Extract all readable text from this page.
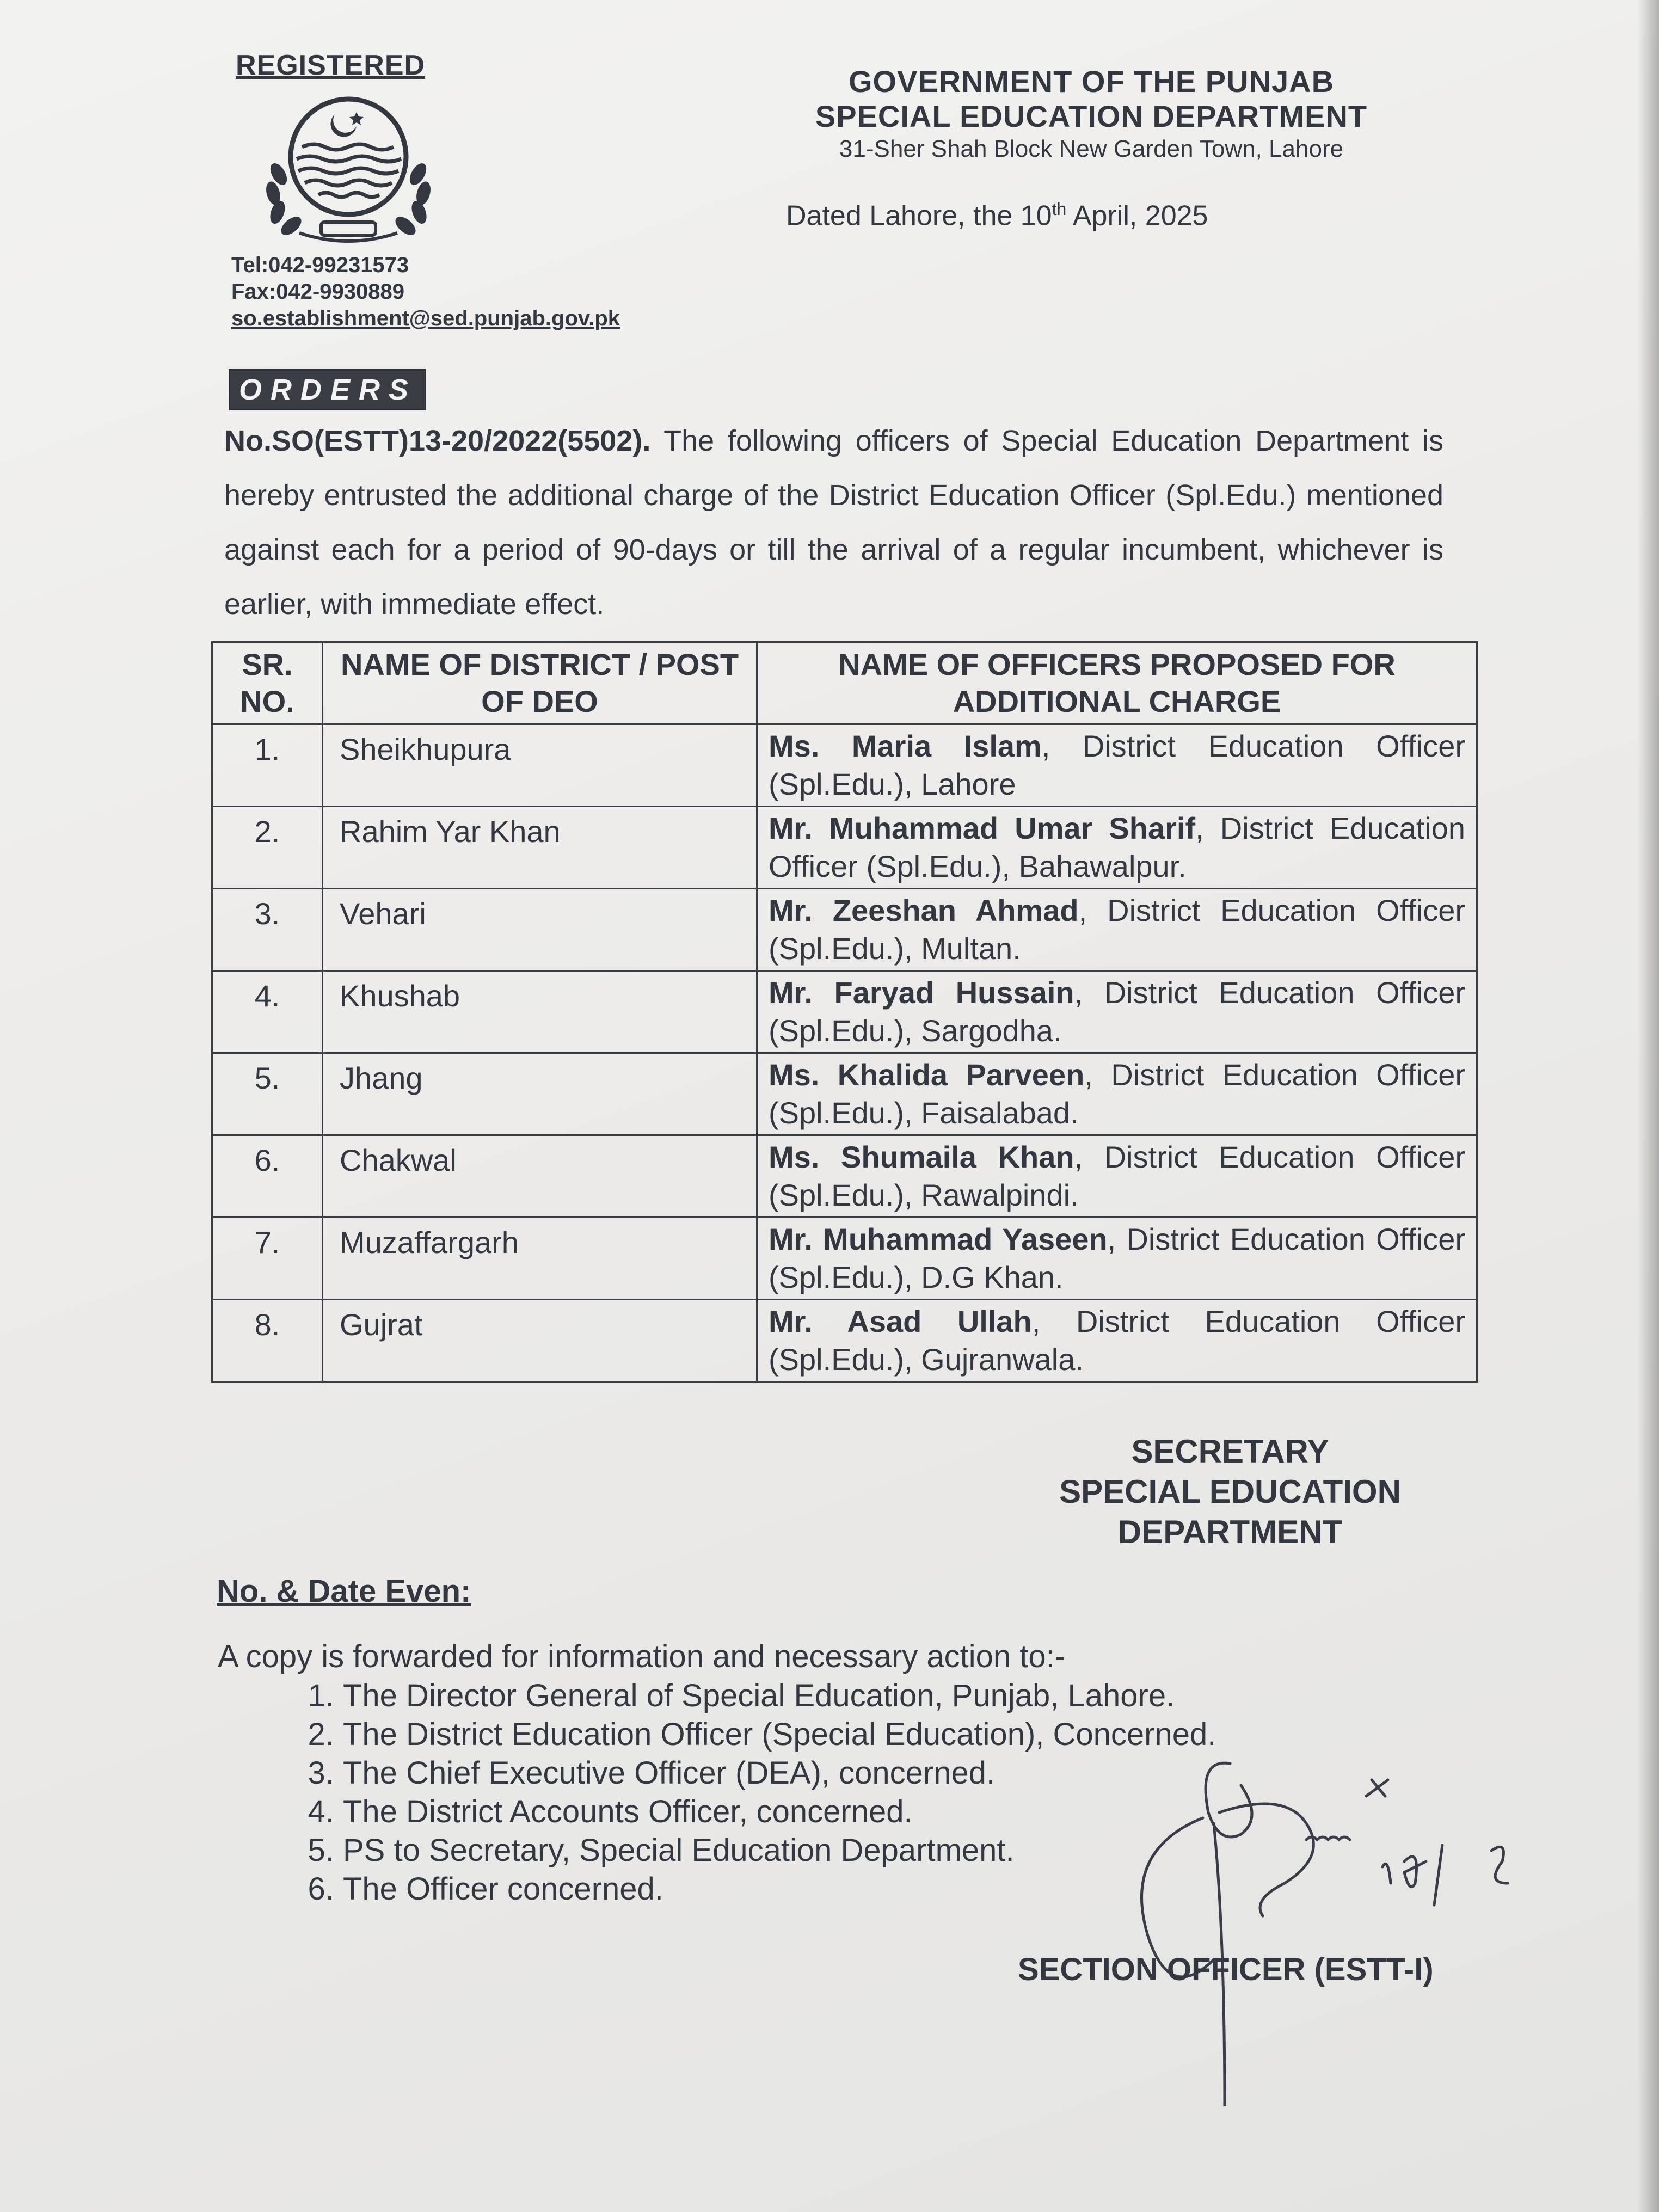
REGISTERED
Tel:042-99231573
Fax:042-9930889
so.establishment@sed.punjab.gov.pk
GOVERNMENT OF THE PUNJAB
SPECIAL EDUCATION DEPARTMENT
31-Sher Shah Block New Garden Town, Lahore
Dated Lahore, the 10th April, 2025
ORDERS
No.SO(ESTT)13-20/2022(5502). The following officers of Special Education Department is hereby entrusted the additional charge of the District Education Officer (Spl.Edu.) mentioned against each for a period of 90-days or till the arrival of a regular incumbent, whichever is earlier, with immediate effect.
SR. NO.	NAME OF DISTRICT / POST OF DEO	NAME OF OFFICERS PROPOSED FOR ADDITIONAL CHARGE
1.	Sheikhupura	Ms. Maria Islam, District Education Officer (Spl.Edu.), Lahore
2.	Rahim Yar Khan	Mr. Muhammad Umar Sharif, District Education Officer (Spl.Edu.), Bahawalpur.
3.	Vehari	Mr. Zeeshan Ahmad, District Education Officer (Spl.Edu.), Multan.
4.	Khushab	Mr. Faryad Hussain, District Education Officer (Spl.Edu.), Sargodha.
5.	Jhang	Ms. Khalida Parveen, District Education Officer (Spl.Edu.), Faisalabad.
6.	Chakwal	Ms. Shumaila Khan, District Education Officer (Spl.Edu.), Rawalpindi.
7.	Muzaffargarh	Mr. Muhammad Yaseen, District Education Officer (Spl.Edu.), D.G Khan.
8.	Gujrat	Mr. Asad Ullah, District Education Officer (Spl.Edu.), Gujranwala.
SECRETARY
SPECIAL EDUCATION
DEPARTMENT
No. & Date Even:
A copy is forwarded for information and necessary action to:-
1. The Director General of Special Education, Punjab, Lahore.
2. The District Education Officer (Special Education), Concerned.
3. The Chief Executive Officer (DEA), concerned.
4. The District Accounts Officer, concerned.
5. PS to Secretary, Special Education Department.
6. The Officer concerned.
SECTION OFFICER (ESTT-I)
